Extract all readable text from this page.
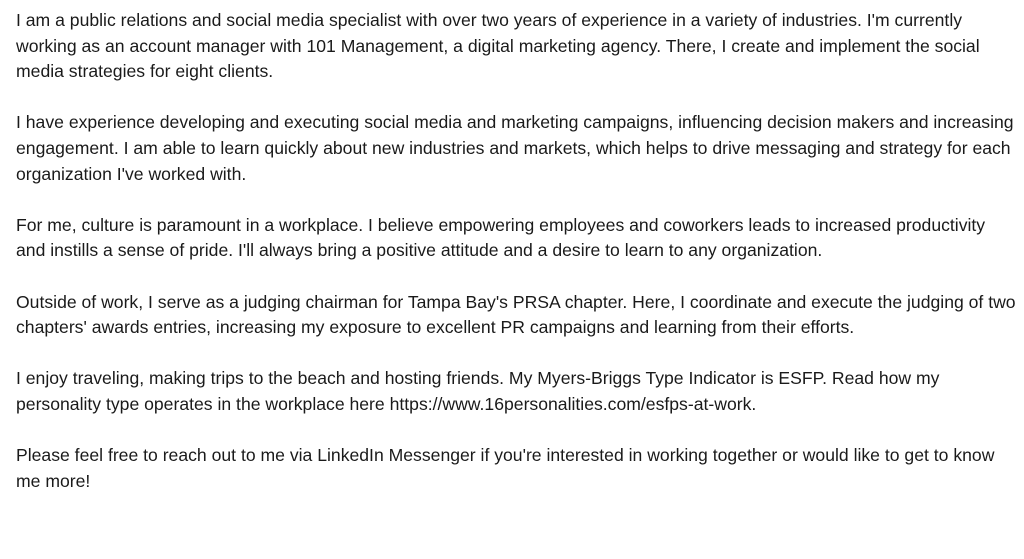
I am a public relations and social media specialist with over two years of experience in a variety of industries. I'm currently working as an account manager with 101 Management, a digital marketing agency. There, I create and implement the social media strategies for eight clients.

I have experience developing and executing social media and marketing campaigns, influencing decision makers and increasing engagement. I am able to learn quickly about new industries and markets, which helps to drive messaging and strategy for each organization I've worked with.

For me, culture is paramount in a workplace. I believe empowering employees and coworkers leads to increased productivity and instills a sense of pride. I'll always bring a positive attitude and a desire to learn to any organization.

Outside of work, I serve as a judging chairman for Tampa Bay's PRSA chapter. Here, I coordinate and execute the judging of two chapters' awards entries, increasing my exposure to excellent PR campaigns and learning from their efforts.

I enjoy traveling, making trips to the beach and hosting friends. My Myers-Briggs Type Indicator is ESFP. Read how my personality type operates in the workplace here https://www.16personalities.com/esfps-at-work.

Please feel free to reach out to me via LinkedIn Messenger if you're interested in working together or would like to get to know me more!
